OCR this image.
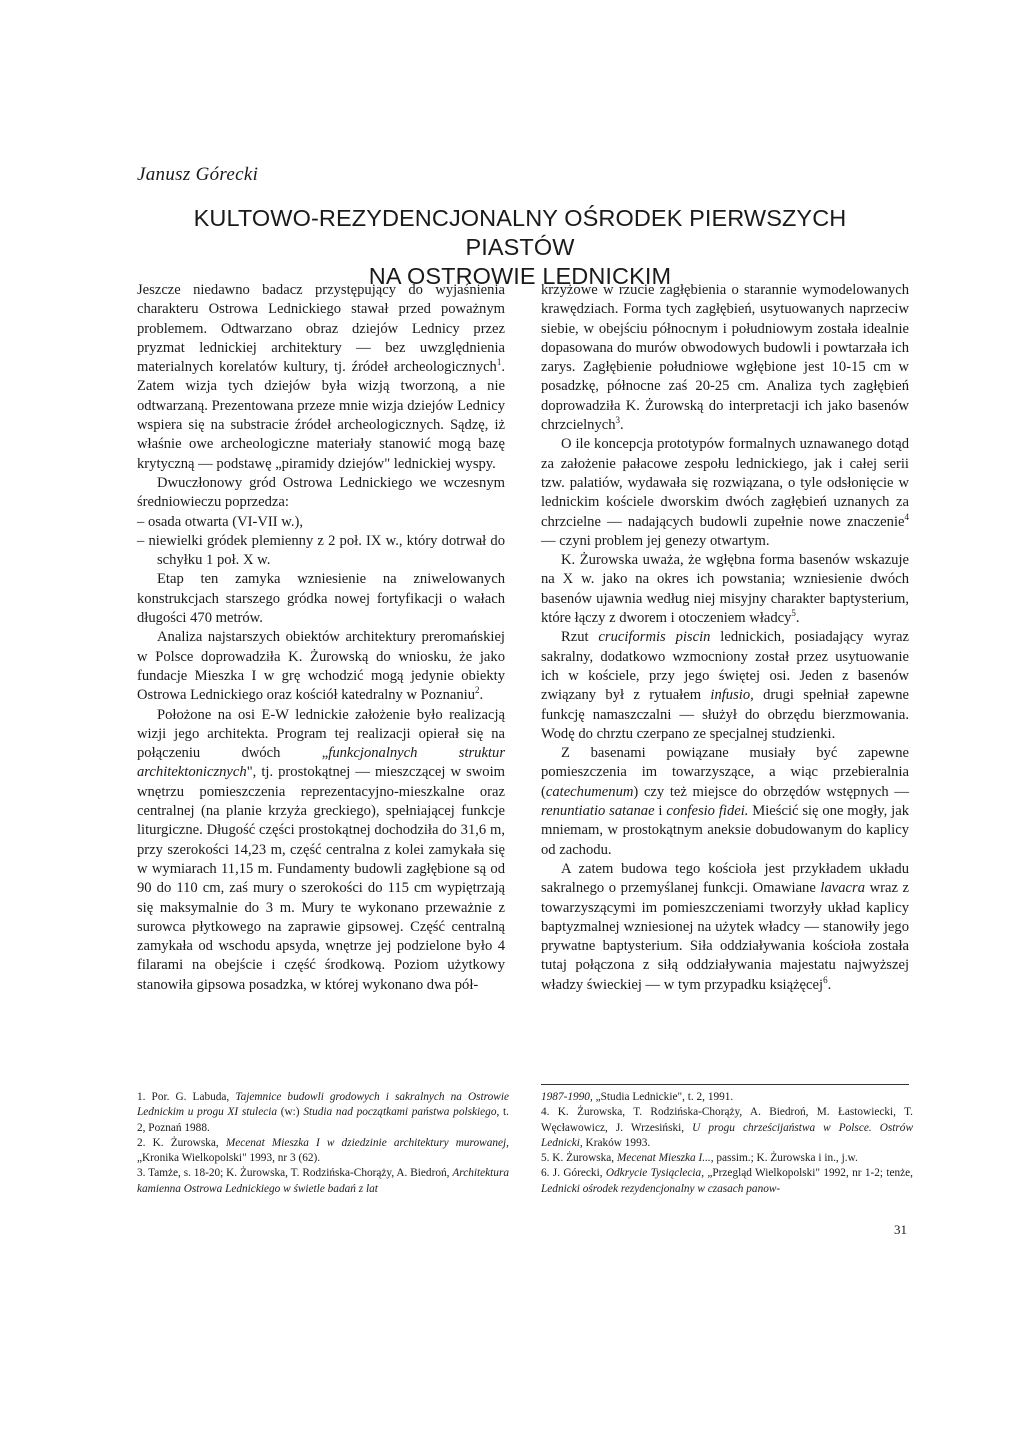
Janusz Górecki
KULTOWO-REZYDENCJONALNY OŚRODEK PIERWSZYCH PIASTÓW
NA OSTROWIE LEDNICKIM

Jeszcze niedawno badacz przystępujący do wyjaśnienia charakteru Ostrowa Lednickiego stawał przed poważnym problemem. Odtwarzano obraz dziejów Lednicy przez pryzmat lednickiej architektury — bez uwzględnienia materialnych korelatów kultury, tj. źródeł archeologicznych$^1$. Zatem wizja tych dziejów była wizją tworzoną, a nie odtwarzaną. Prezentowana przeze mnie wizja dziejów Lednicy wspiera się na substracie źródeł archeologicznych. Sądzę, iż właśnie owe archeologiczne materiały stanowić mogą bazę krytyczną — podstawę „piramidy dziejów" lednickiej wyspy.

Dwuczłonowy gród Ostrowa Lednickiego we wczesnym średniowieczu poprzedza:

– osada otwarta (VI-VII w.),

– niewielki gródek plemienny z 2 poł. IX w., który dotrwał do schyłku 1 poł. X w.

Etap ten zamyka wzniesienie na zniwelowanych konstrukcjach starszego gródka nowej fortyfikacji o wałach długości 470 metrów.

Analiza najstarszych obiektów architektury preromańskiej w Polsce doprowadziła K. Żurowską do wniosku, że jako fundacje Mieszka I w grę wchodzić mogą jedynie obiekty Ostrowa Lednickiego oraz kościół katedralny w Poznaniu$^2$.

Położone na osi E-W lednickie założenie było realizacją wizji jego architekta. Program tej realizacji opierał się na połączeniu dwóch „funkcjonalnych struktur architektonicznych", tj. prostokątnej — mieszczącej w swoim wnętrzu pomieszczenia reprezentacyjno-mieszkalne oraz centralnej (na planie krzyża greckiego), spełniającej funkcje liturgiczne. Długość części prostokątnej dochodziła do 31,6 m, przy szerokości 14,23 m, część centralna z kolei zamykała się w wymiarach 11,15 m. Fundamenty budowli zagłębione są od 90 do 110 cm, zaś mury o szerokości do 115 cm wypiętrzają się maksymalnie do 3 m. Mury te wykonano przeważnie z surowca płytkowego na zaprawie gipsowej. Część centralną zamykała od wschodu apsyda, wnętrze jej podzielone było 4 filarami na obejście i część środkową. Poziom użytkowy stanowiła gipsowa posadzka, w której wykonano dwa pół-

krzyżowe w rzucie zagłębienia o starannie wymodelowanych krawędziach. Forma tych zagłębień, usytuowanych naprzeciw siebie, w obejściu północnym i południowym została idealnie dopasowana do murów obwodowych budowli i powtarzała ich zarys. Zagłębienie południowe wgłębione jest 10-15 cm w posadzkę, północne zaś 20-25 cm. Analiza tych zagłębień doprowadziła K. Żurowską do interpretacji ich jako basenów chrzcielnych$^3$.

O ile koncepcja prototypów formalnych uznawanego dotąd za założenie pałacowe zespołu lednickiego, jak i całej serii tzw. palatiów, wydawała się rozwiązana, o tyle odsłonięcie w lednickim kościele dworskim dwóch zagłębień uznanych za chrzcielne — nadających budowli zupełnie nowe znaczenie$^4$ — czyni problem jej genezy otwartym.

K. Żurowska uważa, że wgłębna forma basenów wskazuje na X w. jako na okres ich powstania; wzniesienie dwóch basenów ujawnia według niej misyjny charakter baptysterium, które łączy z dworem i otoczeniem władcy$^5$.

Rzut cruciformis piscin lednickich, posiadający wyraz sakralny, dodatkowo wzmocniony został przez usytuowanie ich w kościele, przy jego świętej osi. Jeden z basenów związany był z rytuałem infusio, drugi spełniał zapewne funkcję namaszczalni — służył do obrzędu bierzmowania. Wodę do chrztu czerpano ze specjalnej studzienki.

Z basenami powiązane musiały być zapewne pomieszczenia im towarzyszące, a wiąc przebieralnia (catechumenum) czy też miejsce do obrzędów wstępnych — renuntiatio satanae i confesio fidei. Mieścić się one mogły, jak mniemam, w prostokątnym aneksie dobudowanym do kaplicy od zachodu.

A zatem budowa tego kościoła jest przykładem układu sakralnego o przemyślanej funkcji. Omawiane lavacra wraz z towarzyszącymi im pomieszczeniami tworzyły układ kaplicy baptyzmalnej wzniesionej na użytek władcy — stanowiły jego prywatne baptysterium. Siła oddziaływania kościoła została tutaj połączona z siłą oddziaływania majestatu najwyższej władzy świeckiej — w tym przypadku książęcej$^6$.

1. Por. G. Labuda, Tajemnice budowli grodowych i sakralnych na Ostrowie Lednickim u progu XI stulecia (w:) Studia nad początkami państwa polskiego, t. 2, Poznań 1988.

2. K. Żurowska, Mecenat Mieszka I w dziedzinie architektury murowanej, „Kronika Wielkopolski" 1993, nr 3 (62).

3. Tamże, s. 18-20; K. Żurowska, T. Rodzińska-Chorąży, A. Biedroń, Architektura kamienna Ostrowa Lednickiego w świetle badań z lat

1987-1990, „Studia Lednickie", t. 2, 1991.

4. K. Żurowska, T. Rodzińska-Chorąży, A. Biedroń, M. Łastowiecki, T. Węcławowicz, J. Wrzesiński, U progu chrześcijaństwa w Polsce. Ostrów Lednicki, Kraków 1993.

5. K. Żurowska, Mecenat Mieszka I..., passim.; K. Żurowska i in., j.w.

6. J. Górecki, Odkrycie Tysiąclecia, „Przegląd Wielkopolski" 1992, nr 1-2; tenże, Lednicki ośrodek rezydencjonalny w czasach panow-

31
